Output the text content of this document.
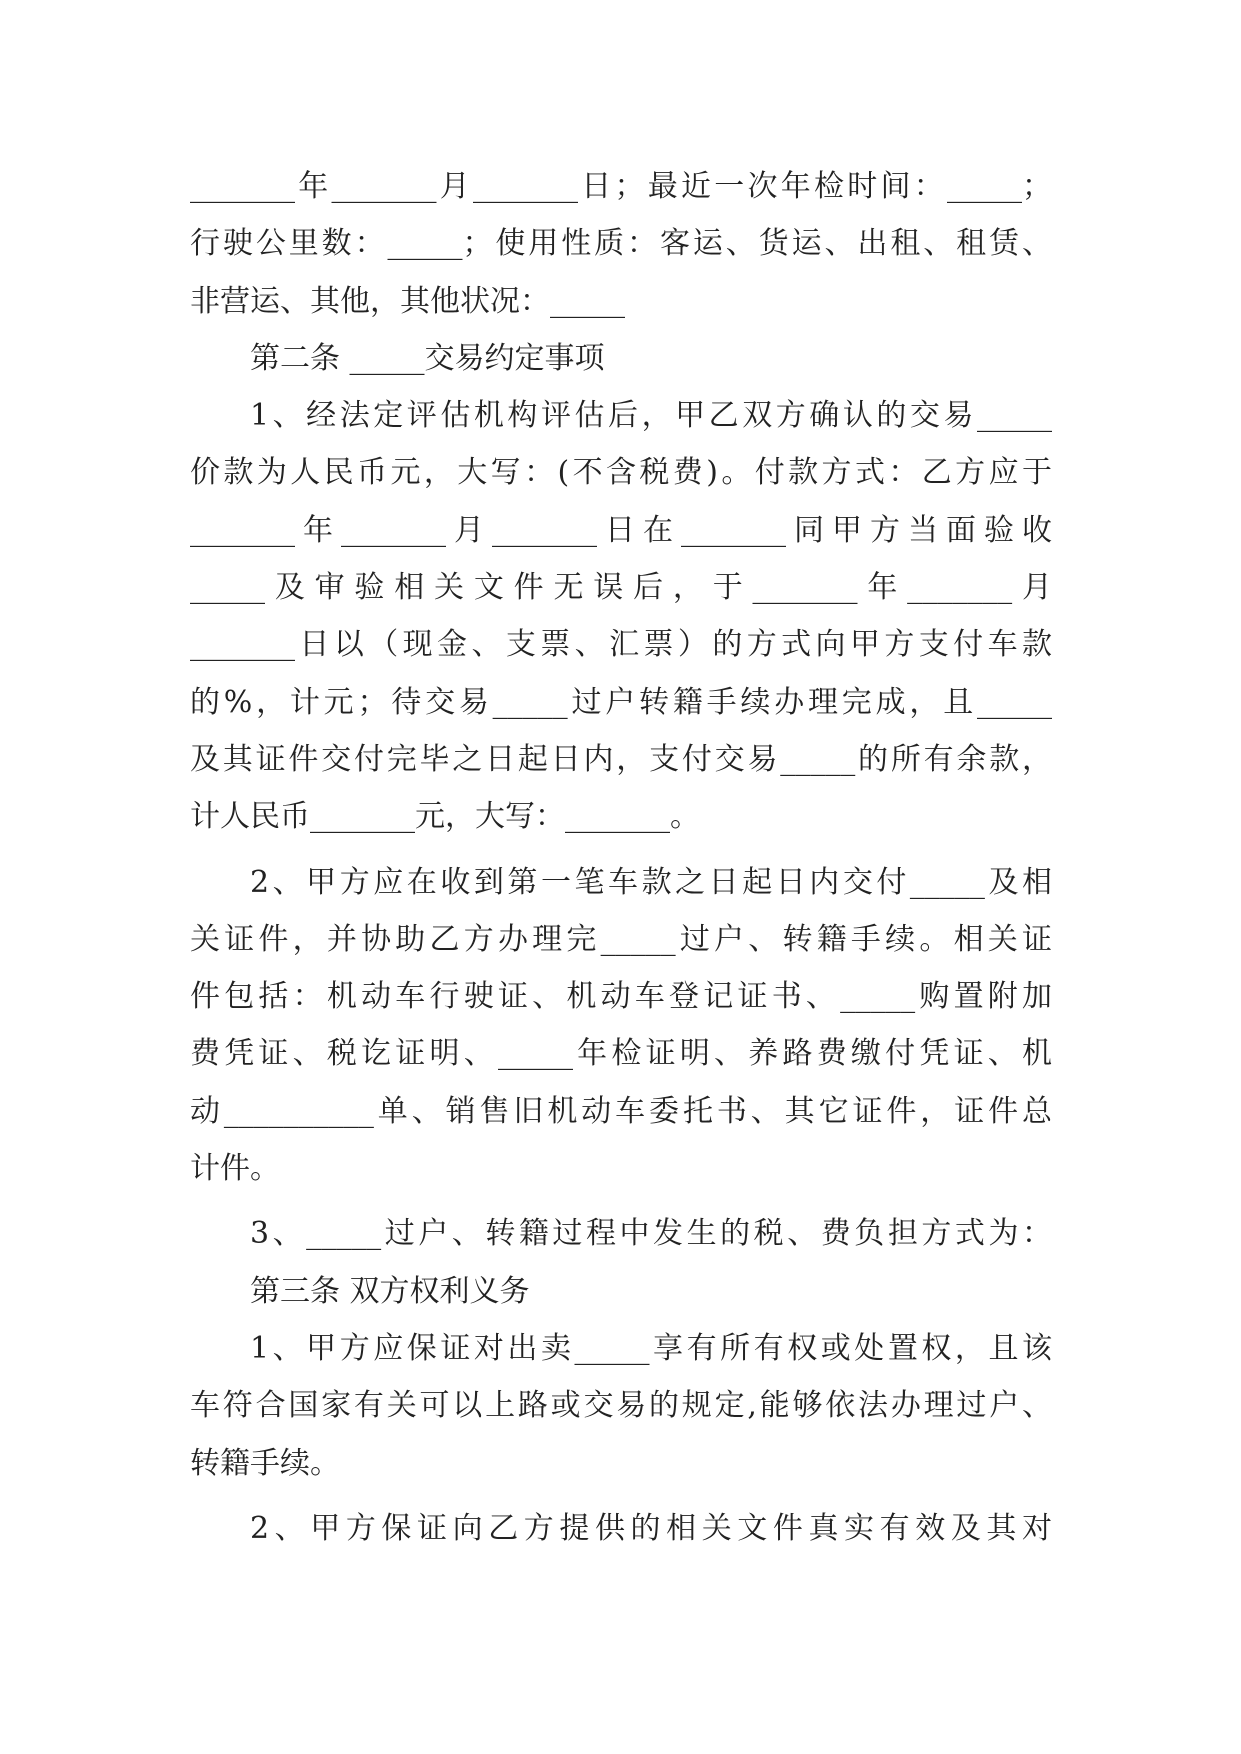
_______年_______月_______日；最近一次年检时间：_____；
行驶公里数：_____；使用性质：客运、货运、出租、租赁、
非营运、其他，其他状况：_____
第二条 _____交易约定事项
1、经法定评估机构评估后，甲乙双方确认的交易_____
价款为人民币元，大写：(不含税费)。付款方式：乙方应于
_______年_______月_______日在_______同甲方当面验收
_____及审验相关文件无误后，于_______年_______月
_______日以（现金、支票、汇票）的方式向甲方支付车款
的%，计元；待交易_____过户转籍手续办理完成，且_____
及其证件交付完毕之日起日内，支付交易_____的所有余款，
计人民币_______元，大写：_______。
2、甲方应在收到第一笔车款之日起日内交付_____及相
关证件，并协助乙方办理完_____过户、转籍手续。相关证
件包括：机动车行驶证、机动车登记证书、_____购置附加
费凭证、税讫证明、_____年检证明、养路费缴付凭证、机
动__________单、销售旧机动车委托书、其它证件，证件总
计件。
3、_____过户、转籍过程中发生的税、费负担方式为：
第三条 双方权利义务
1、甲方应保证对出卖_____享有所有权或处置权，且该
车符合国家有关可以上路或交易的规定,能够依法办理过户、
转籍手续。
2、甲方保证向乙方提供的相关文件真实有效及其对
